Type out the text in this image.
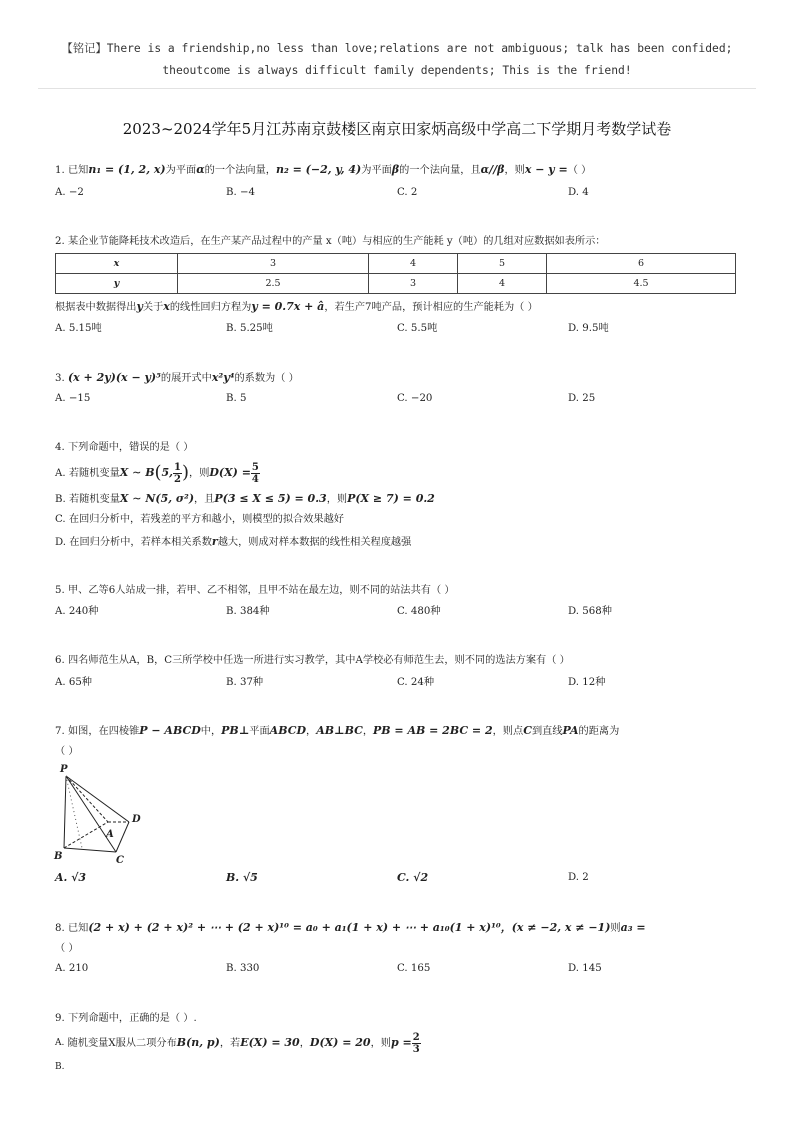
【铭记】There is a friendship,no less than love;relations are not ambiguous; talk has been confided;
theoutcome is always difficult family dependents; This is the friend!
2023~2024学年5月江苏南京鼓楼区南京田家炳高级中学高二下学期月考数学试卷
1. 已知n₁ = (1, 2, x)为平面α的一个法向量，n₂ = (−2, y, 4)为平面β的一个法向量，且α//β，则x − y =（ ）
A. −2	B. −4	C. 2	D. 4
2. 某企业节能降耗技术改造后，在生产某产品过程中的产量 x（吨）与相应的生产能耗 y（吨）的几组对应数据如表所示：
x	3	4	5	6
y	2.5	3	4	4.5
根据表中数据得出y关于x的线性回归方程为y = 0.7x + â，若生产7吨产品，预计相应的生产能耗为（ ）
A. 5.15吨	B. 5.25吨	C. 5.5吨	D. 9.5吨
3. (x + 2y)(x − y)⁵的展开式中x²y⁴的系数为（ ）
A. −15	B. 5	C. −20	D. 25
4. 下列命题中，错误的是（ ）
A. 若随机变量X ∼ B(5, $\frac{1}{2}$ )，则$D(X) = \frac{5}{4}$
B. 若随机变量X ∼ N(5, σ²)，且P(3 ≤ X ≤ 5) = 0.3，则P(X ≥ 7) = 0.2
C. 在回归分析中，若残差的平方和越小，则模型的拟合效果越好
D. 在回归分析中，若样本相关系数r越大，则成对样本数据的线性相关程度越强
5. 甲、乙等6人站成一排，若甲、乙不相邻，且甲不站在最左边，则不同的站法共有（ ）
A. 240种	B. 384种	C. 480种	D. 568种
6. 四名师范生从A，B，C三所学校中任选一所进行实习教学，其中A学校必有师范生去，则不同的选法方案有（ ）
A. 65种	B. 37种	C. 24种	D. 12种
7. 如图，在四棱锥P − ABCD中，PB⊥平面ABCD，AB⊥BC，PB = AB = 2BC = 2，则点C到直线PA的距离为
（ ）
P
A
D
B	C
A. √3	B. √5	C. √2	D. 2
8. 已知(2 + x) + (2 + x)² + ⋯ + (2 + x)¹⁰ = a₀ + a₁(1 + x) + ⋯ + a₁₀(1 + x)¹⁰，(x ≠ −2, x ≠ −1)则a₃ =
（ ）
A. 210	B. 330	C. 165	D. 145
9. 下列命题中，正确的是（ ）.
A. 随机变量X服从二项分布B(n, p)，若E(X) = 30，D(X) = 20，则$p = \frac{2}{3}$
B.
